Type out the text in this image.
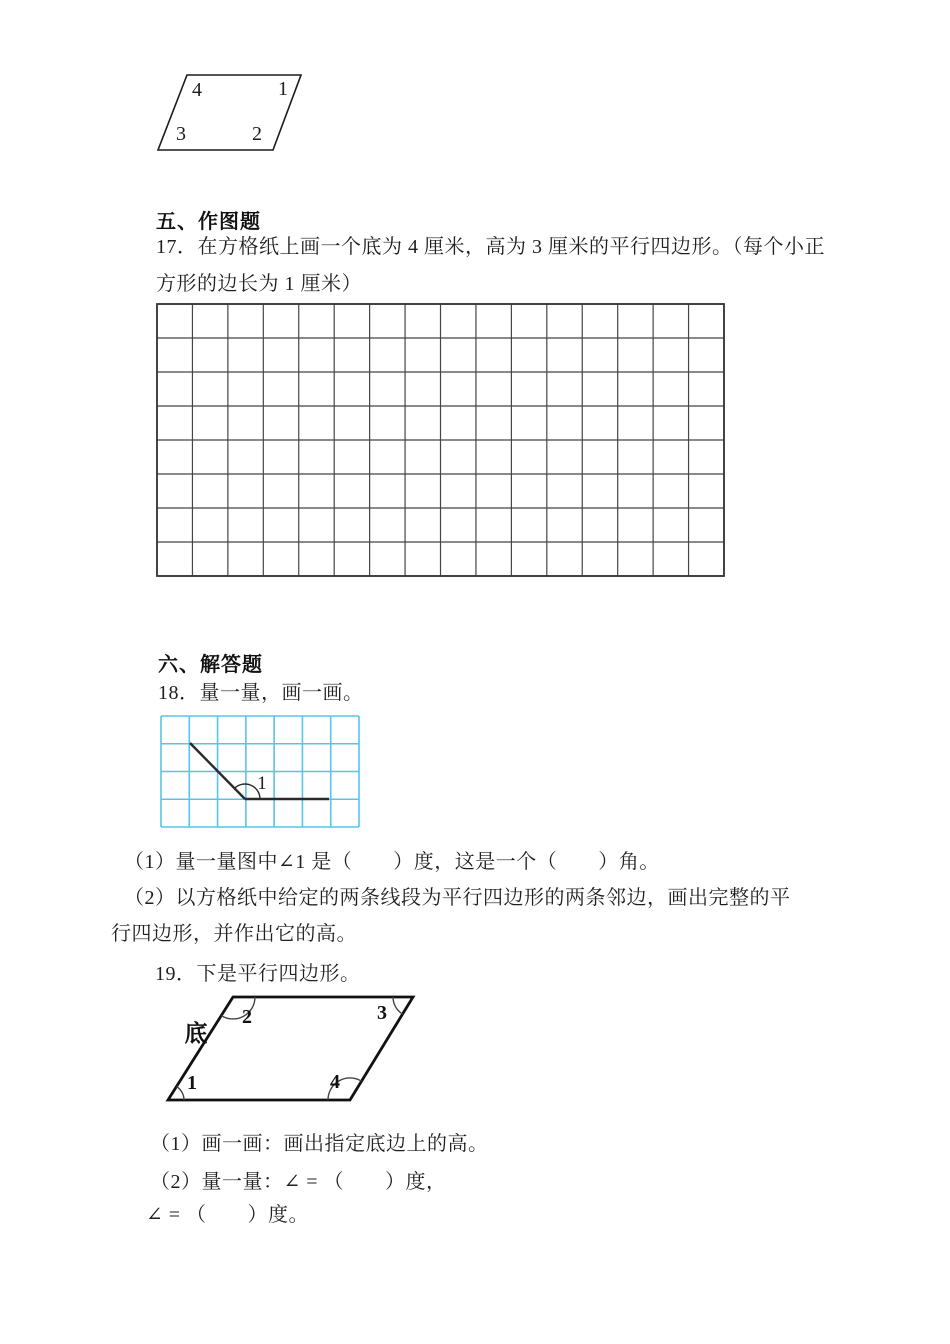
4	1
3	2
五、作图题
17．在方格纸上画一个底为 4 厘米，高为 3 厘米的平行四边形。（每个小正
方形的边长为 1 厘米）
六、解答题
18．量一量，画一画。
1
（1）量一量图中∠1 是（　　）度，这是一个（　　）角。
（2）以方格纸中给定的两条线段为平行四边形的两条邻边，画出完整的平
行四边形，并作出它的高。
19．下是平行四边形。
底
2	3
1	4
（1）画一画：画出指定底边上的高。
（2）量一量：∠ = （　　）度，
∠ = （　　）度。
